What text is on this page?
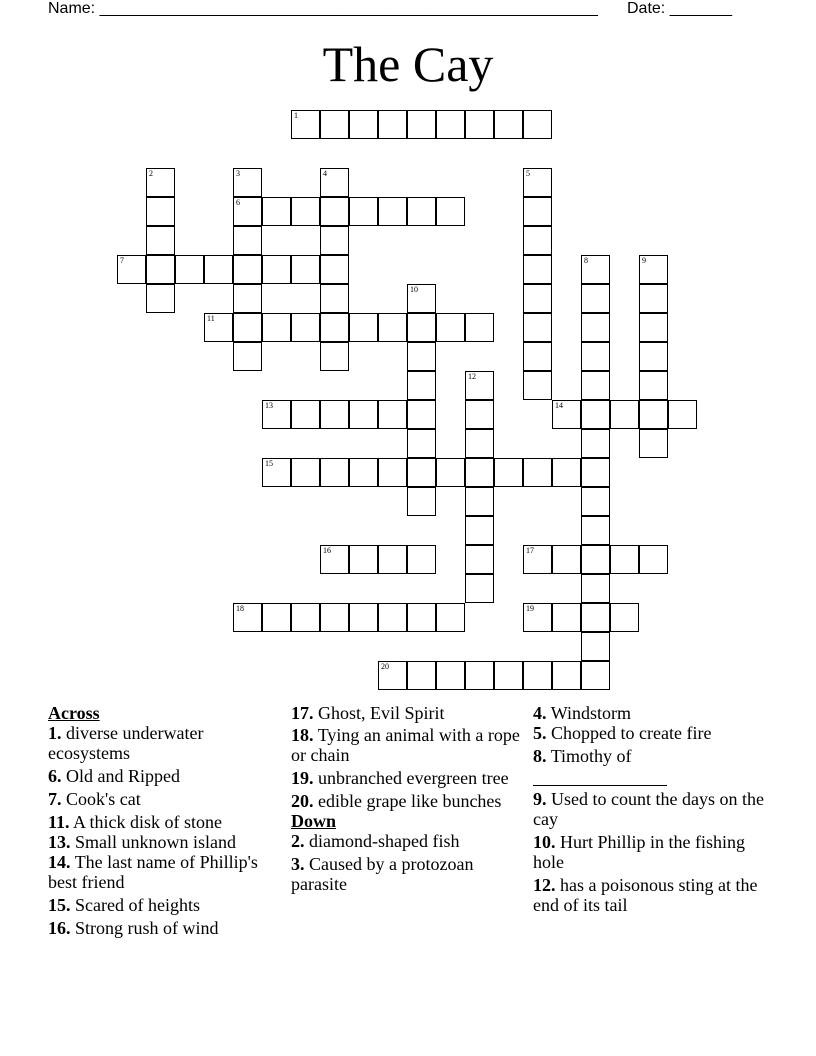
Name: ________________________________________________________ Date: _______
The Cay
1
2	3
6
4	5
7	8	9
10
11
12
13	14
15
16	17
18	19
20
Across
1. diverse underwater ecosystems
6. Old and Ripped
7. Cook's cat
11. A thick disk of stone
13. Small unknown island
14. The last name of Phillip's best friend
15. Scared of heights
16. Strong rush of wind
17. Ghost, Evil Spirit
18. Tying an animal with a rope or chain
19. unbranched evergreen tree
20. edible grape like bunches
Down
2. diamond-shaped fish
3. Caused by a protozoan parasite
4. Windstorm
5. Chopped to create fire
8. Timothy of

9. Used to count the days on the cay
10. Hurt Phillip in the fishing hole
12. has a poisonous sting at the end of its tail
